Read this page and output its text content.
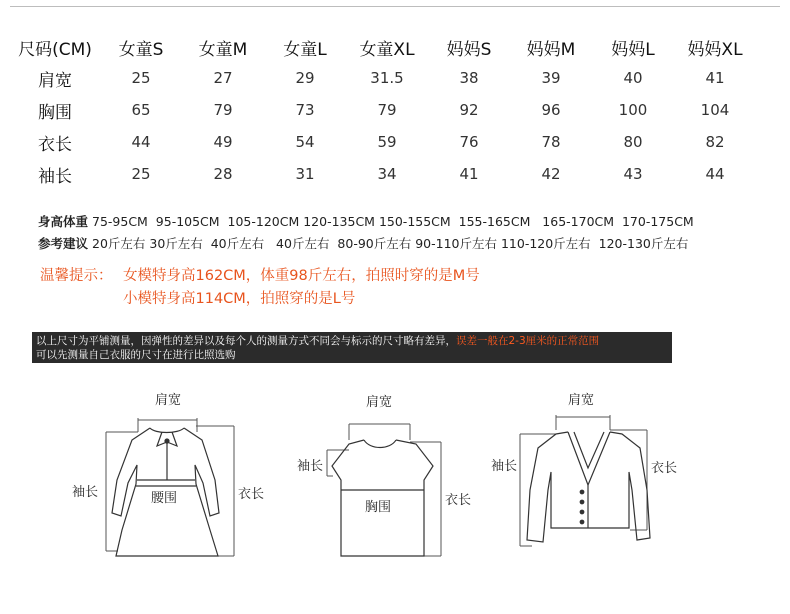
尺码(CM)	女童S	女童M	女童L	女童XL	妈妈S	妈妈M	妈妈L	妈妈XL
肩宽	25	27	29	31.5	38	39	40	41
胸围	65	79	73	79	92	96	100	104
衣长	44	49	54	59	76	78	80	82
袖长	25	28	31	34	41	42	43	44
身高体重 75-95CM  95-105CM  105-120CM 120-135CM 150-155CM  155-165CM   165-170CM  170-175CM
参考建议 20斤左右 30斤左右  40斤左右   40斤左右  80-90斤左右 90-110斤左右 110-120斤左右  120-130斤左右
温馨提示： 女模特身高162CM，体重98斤左右，拍照时穿的是M号
小模特身高114CM，拍照穿的是L号
以上尺寸为平铺测量，因弹性的差异以及每个人的测量方式不同会与标示的尺寸略有差异，误差一般在2-3厘米的正常范围
可以先测量自己衣服的尺寸在进行比照选购
肩宽
袖长	腰围	衣长
肩宽
袖长
胸围	衣长
肩宽
袖长	衣长
